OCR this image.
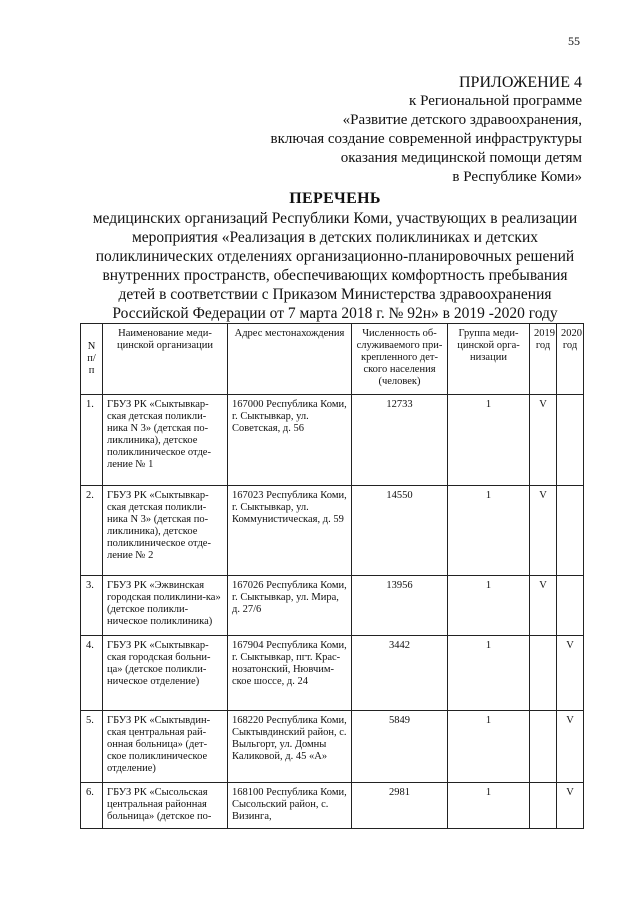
55
ПРИЛОЖЕНИЕ 4
к Региональной программе
«Развитие детского здравоохранения,
включая создание современной инфраструктуры
оказания медицинской помощи детям
в Республике Коми»
ПЕРЕЧЕНЬ
медицинских организаций Республики Коми, участвующих в реализации
мероприятия «Реализация в детских поликлиниках и детских
поликлинических отделениях организационно-планировочных решений
внутренних пространств, обеспечивающих комфортность пребывания
детей в соответствии с Приказом Министерства здравоохранения
Российской Федерации от 7 марта 2018 г. № 92н» в 2019 -2020 году
N п/п	Наименование меди-цинской организации	Адрес местонахождения	Численность об-служиваемого при-крепленного дет-ского населения (человек)	Группа меди-цинской орга-низации	2019 год	2020 год
1.	ГБУЗ РК «Сыктывкар-ская детская поликли-ника N 3» (детская по-ликлиника), детское поликлиническое отде-ление № 1	167000 Республика Коми, г. Сыктывкар, ул. Советская, д. 56	12733	1	V	
2.	ГБУЗ РК «Сыктывкар-ская детская поликли-ника N 3» (детская по-ликлиника), детское поликлиническое отде-ление № 2	167023 Республика Коми, г. Сыктывкар, ул. Коммунистическая, д. 59	14550	1	V	
3.	ГБУЗ РК «Эжвинская городская поликлини-ка» (детское поликли-ническое поликлиника)	167026 Республика Коми, г. Сыктывкар, ул. Мира, д. 27/6	13956	1	V	
4.	ГБУЗ РК «Сыктывкар-ская городская больни-ца» (детское поликли-ническое отделение)	167904 Республика Коми, г. Сыктывкар, пгт. Крас-нозатонский, Нювчим-ское шоссе, д. 24	3442	1		V
5.	ГБУЗ РК «Сыктывдин-ская центральная рай-онная больница» (дет-ское поликлиническое отделение)	168220 Республика Коми, Сыктывдинский район, с. Выльгорт, ул. Домны Каликовой, д. 45 «А»	5849	1		V
6.	ГБУЗ РК «Сысольская центральная районная больница» (детское по-	168100 Республика Коми, Сысольский район, с. Визинга,	2981	1		V
